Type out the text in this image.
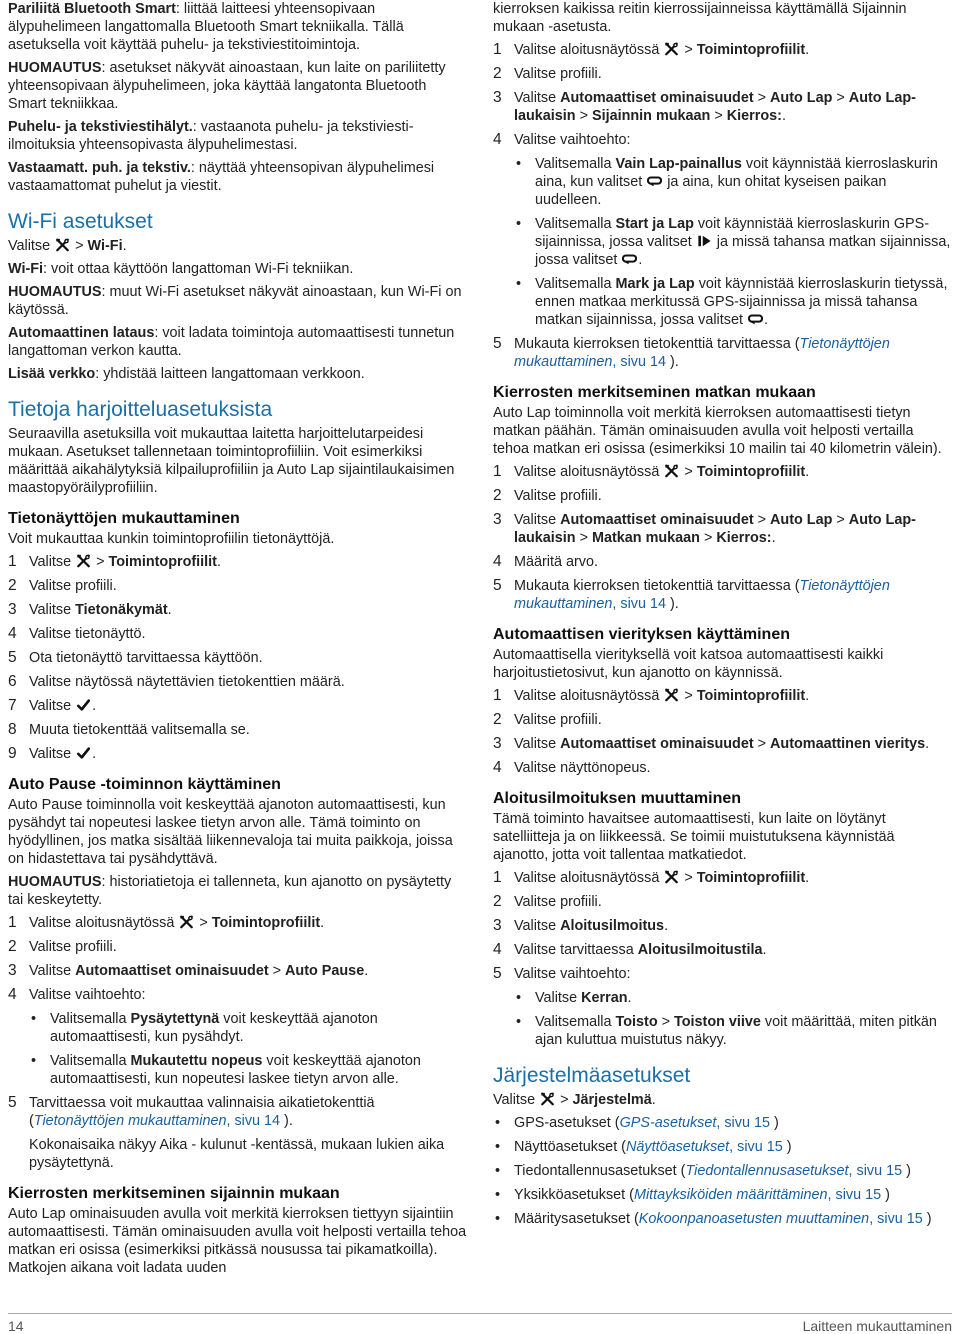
Pariliitä Bluetooth Smart: liittää laitteesi yhteensopivaan älypuhelimeen langattomalla Bluetooth Smart tekniikalla. Tällä asetuksella voit käyttää puhelu- ja tekstiviestitoimintoja.

HUOMAUTUS: asetukset näkyvät ainoastaan, kun laite on pariliitetty yhteensopivaan älypuhelimeen, joka käyttää langatonta Bluetooth Smart tekniikkaa.

Puhelu- ja tekstiviestihälyt.: vastaanota puhelu- ja tekstiviesti-ilmoituksia yhteensopivasta älypuhelimestasi.

Vastaamatt. puh. ja tekstiv.: näyttää yhteensopivan älypuhelimesi vastaamattomat puhelut ja viestit.

Wi-Fi asetukset

Valitse > Wi-Fi.

Wi-Fi: voit ottaa käyttöön langattoman Wi-Fi tekniikan.

HUOMAUTUS: muut Wi-Fi asetukset näkyvät ainoastaan, kun Wi-Fi on käytössä.

Automaattinen lataus: voit ladata toimintoja automaattisesti tunnetun langattoman verkon kautta.

Lisää verkko: yhdistää laitteen langattomaan verkkoon.

Tietoja harjoitteluasetuksista

Seuraavilla asetuksilla voit mukauttaa laitetta harjoittelutarpeidesi mukaan. Asetukset tallennetaan toimintoprofiiliin. Voit esimerkiksi määrittää aikahälytyksiä kilpailuprofiiliin ja Auto Lap sijaintilaukaisimen maastopyöräilyprofiiliin.

Tietonäyttöjen mukauttaminen

Voit mukauttaa kunkin toimintoprofiilin tietonäyttöjä.

1 Valitse > Toimintoprofiilit.
2 Valitse profiili.
3 Valitse Tietonäkymät.
4 Valitse tietonäyttö.
5 Ota tietonäyttö tarvittaessa käyttöön.
6 Valitse näytössä näytettävien tietokenttien määrä.
7 Valitse .
8 Muuta tietokenttää valitsemalla se.
9 Valitse .
Auto Pause -toiminnon käyttäminen

Auto Pause toiminnolla voit keskeyttää ajanoton automaattisesti, kun pysähdyt tai nopeutesi laskee tietyn arvon alle. Tämä toiminto on hyödyllinen, jos matka sisältää liikennevaloja tai muita paikkoja, joissa on hidastettava tai pysähdyttävä.

HUOMAUTUS: historiatietoja ei tallenneta, kun ajanotto on pysäytetty tai keskeytetty.

1 Valitse aloitusnäytössä > Toimintoprofiilit.
2 Valitse profiili.
3 Valitse Automaattiset ominaisuudet > Auto Pause.
4 Valitse vaihtoehto:
• Valitsemalla Pysäytettynä voit keskeyttää ajanoton automaattisesti, kun pysähdyt.
• Valitsemalla Mukautettu nopeus voit keskeyttää ajanoton automaattisesti, kun nopeutesi laskee tietyn arvon alle.
5 Tarvittaessa voit mukauttaa valinnaisia aikatietokenttiä (Tietonäyttöjen mukauttaminen, sivu 14 ).

Kokonaisaika näkyy Aika - kulunut -kentässä, mukaan lukien aika pysäytettynä.

Kierrosten merkitseminen sijainnin mukaan

Auto Lap ominaisuuden avulla voit merkitä kierroksen tiettyyn sijaintiin automaattisesti. Tämän ominaisuuden avulla voit helposti vertailla tehoa matkan eri osissa (esimerkiksi pitkässä nousussa tai pikamatkoilla). Matkojen aikana voit ladata uuden

kierroksen kaikissa reitin kierrossijainneissa käyttämällä Sijainnin mukaan -asetusta.

1 Valitse aloitusnäytössä > Toimintoprofiilit.
2 Valitse profiili.
3 Valitse Automaattiset ominaisuudet > Auto Lap > Auto Lap-laukaisin > Sijainnin mukaan > Kierros:.
4 Valitse vaihtoehto:
• Valitsemalla Vain Lap-painallus voit käynnistää kierroslaskurin aina, kun valitset
ja aina, kun ohitat kyseisen paikan uudelleen.
• Valitsemalla Start ja Lap voit käynnistää kierroslaskurin GPS-sijainnissa, jossa valitset
ja missä tahansa matkan sijainnissa, jossa valitset .
• Valitsemalla Mark ja Lap voit käynnistää kierroslaskurin tietyssä, ennen matkaa merkitussä GPS-sijainnissa ja missä tahansa matkan sijainnissa, jossa valitset .
5 Mukauta kierroksen tietokenttiä tarvittaessa (Tietonäyttöjen mukauttaminen, sivu 14 ).
Kierrosten merkitseminen matkan mukaan

Auto Lap toiminnolla voit merkitä kierroksen automaattisesti tietyn matkan päähän. Tämän ominaisuuden avulla voit helposti vertailla tehoa matkan eri osissa (esimerkiksi 10 mailin tai 40 kilometrin välein).

1 Valitse aloitusnäytössä > Toimintoprofiilit.
2 Valitse profiili.
3 Valitse Automaattiset ominaisuudet > Auto Lap > Auto Lap-laukaisin > Matkan mukaan > Kierros:.
4 Määritä arvo.
5 Mukauta kierroksen tietokenttiä tarvittaessa (Tietonäyttöjen mukauttaminen, sivu 14 ).
Automaattisen vierityksen käyttäminen

Automaattisella vierityksellä voit katsoa automaattisesti kaikki harjoitustietosivut, kun ajanotto on käynnissä.

1 Valitse aloitusnäytössä > Toimintoprofiilit.
2 Valitse profiili.
3 Valitse Automaattiset ominaisuudet > Automaattinen vieritys.
4 Valitse näyttönopeus.
Aloitusilmoituksen muuttaminen

Tämä toiminto havaitsee automaattisesti, kun laite on löytänyt satelliitteja ja on liikkeessä. Se toimii muistutuksena käynnistää ajanotto, jotta voit tallentaa matkatiedot.

1 Valitse aloitusnäytössä > Toimintoprofiilit.
2 Valitse profiili.
3 Valitse Aloitusilmoitus.
4 Valitse tarvittaessa Aloitusilmoitustila.
5 Valitse vaihtoehto:
• Valitse Kerran.
• Valitsemalla Toisto > Toiston viive voit määrittää, miten pitkän ajan kuluttua muistutus näkyy.
Järjestelmäasetukset

Valitse > Järjestelmä.

• GPS-asetukset (GPS-asetukset, sivu 15 )
• Näyttöasetukset (Näyttöasetukset, sivu 15 )
• Tiedontallennusasetukset (Tiedontallennusasetukset, sivu 15 )
• Yksikköasetukset (Mittayksiköiden määrittäminen, sivu 15 )
• Määritysasetukset (Kokoonpanoasetusten muuttaminen, sivu 15 )
14	Laitteen mukauttaminen
